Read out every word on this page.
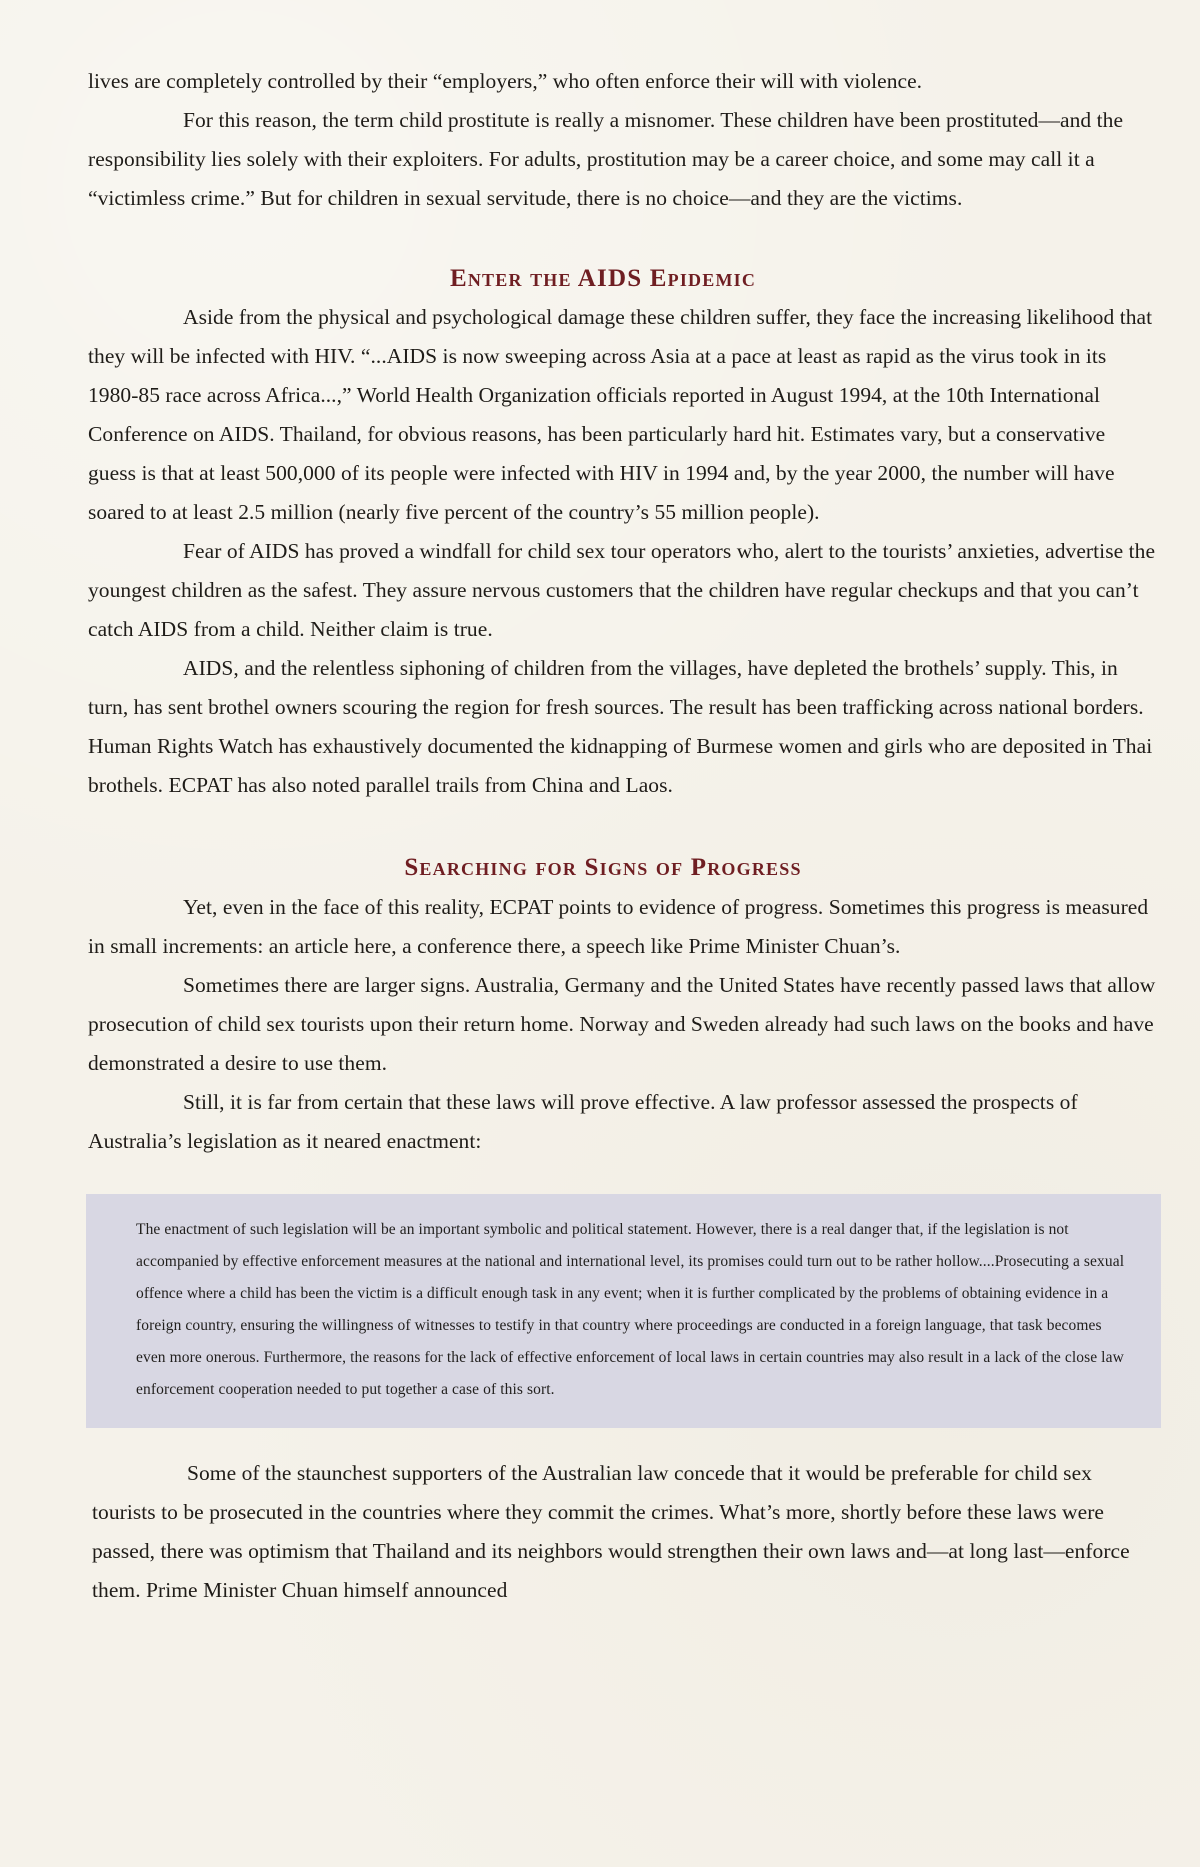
lives are completely controlled by their “employers,” who often enforce their will with violence.

For this reason, the term child prostitute is really a misnomer. These children have been prostituted—and the responsibility lies solely with their exploiters. For adults, prostitution may be a career choice, and some may call it a “victimless crime.” But for children in sexual servitude, there is no choice—and they are the victims.

Enter the AIDS Epidemic

Aside from the physical and psychological damage these children suffer, they face the increasing likelihood that they will be infected with HIV. “...AIDS is now sweeping across Asia at a pace at least as rapid as the virus took in its 1980-85 race across Africa...,” World Health Organization officials reported in August 1994, at the 10th International Conference on AIDS. Thailand, for obvious reasons, has been particularly hard hit. Estimates vary, but a conservative guess is that at least 500,000 of its people were infected with HIV in 1994 and, by the year 2000, the number will have soared to at least 2.5 million (nearly five percent of the country’s 55 million people).

Fear of AIDS has proved a windfall for child sex tour operators who, alert to the tourists’ anxieties, advertise the youngest children as the safest. They assure nervous customers that the children have regular checkups and that you can’t catch AIDS from a child. Neither claim is true.

AIDS, and the relentless siphoning of children from the villages, have depleted the brothels’ supply. This, in turn, has sent brothel owners scouring the region for fresh sources. The result has been trafficking across national borders. Human Rights Watch has exhaustively documented the kidnapping of Burmese women and girls who are deposited in Thai brothels. ECPAT has also noted parallel trails from China and Laos.

Searching for Signs of Progress

Yet, even in the face of this reality, ECPAT points to evidence of progress. Sometimes this progress is measured in small increments: an article here, a conference there, a speech like Prime Minister Chuan’s.

Sometimes there are larger signs. Australia, Germany and the United States have recently passed laws that allow prosecution of child sex tourists upon their return home. Norway and Sweden already had such laws on the books and have demonstrated a desire to use them.

Still, it is far from certain that these laws will prove effective. A law professor assessed the prospects of Australia’s legislation as it neared enactment:

The enactment of such legislation will be an important symbolic and political statement. However, there is a real danger that, if the legislation is not accompanied by effective enforcement measures at the national and international level, its promises could turn out to be rather hollow....Prosecuting a sexual offence where a child has been the victim is a difficult enough task in any event; when it is further complicated by the problems of obtaining evidence in a foreign country, ensuring the willingness of witnesses to testify in that country where proceedings are conducted in a foreign language, that task becomes even more onerous. Furthermore, the reasons for the lack of effective enforcement of local laws in certain countries may also result in a lack of the close law enforcement cooperation needed to put together a case of this sort.

Some of the staunchest supporters of the Australian law concede that it would be preferable for child sex tourists to be prosecuted in the countries where they commit the crimes. What’s more, shortly before these laws were passed, there was optimism that Thailand and its neighbors would strengthen their own laws and—at long last—enforce them. Prime Minister Chuan himself announced
